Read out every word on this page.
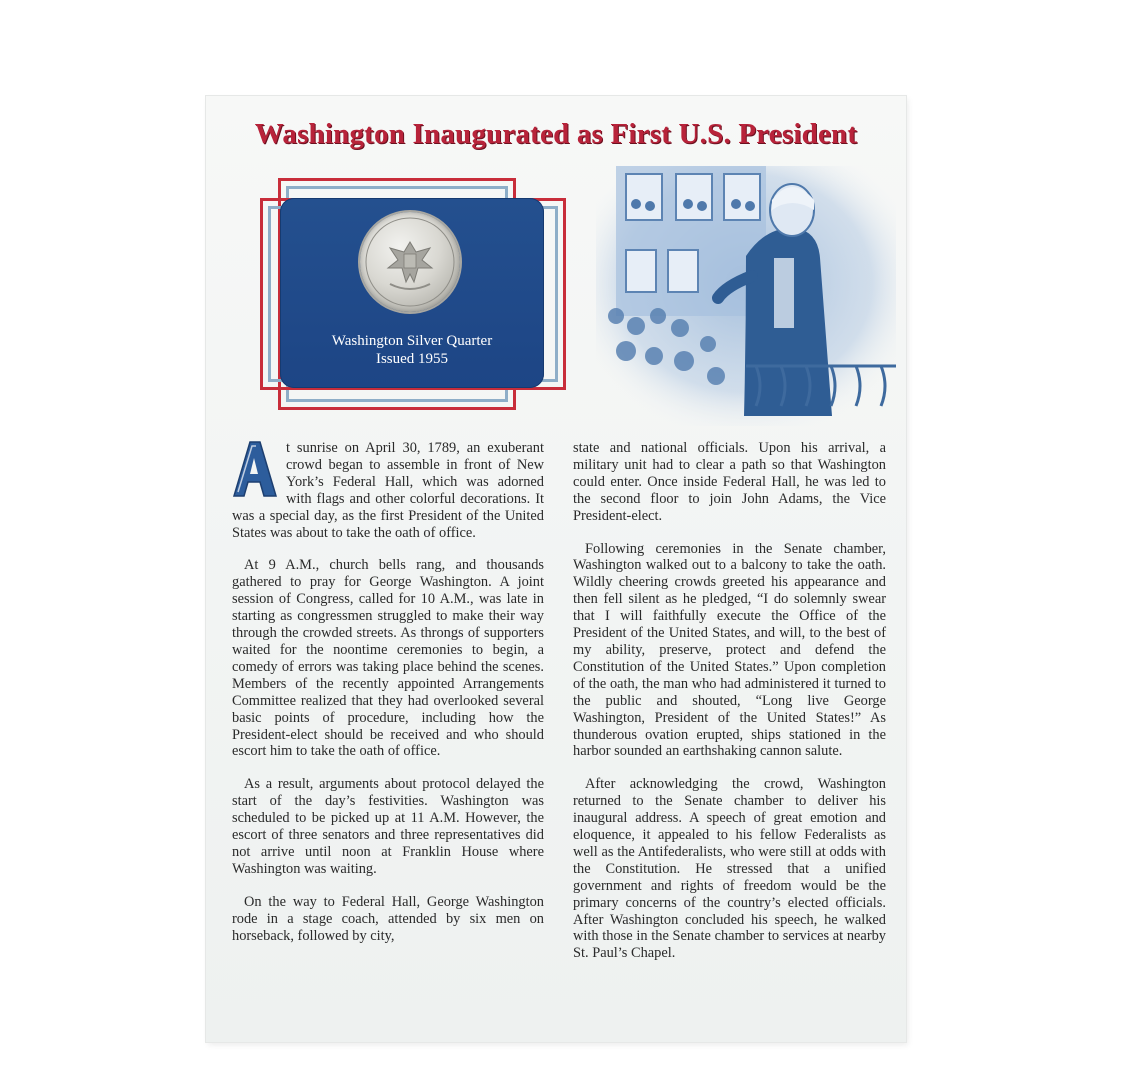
Washington Inaugurated as First U.S. President
Washington Silver Quarter
Issued 1955

A
t sunrise on April 30, 1789, an exuberant crowd began to assemble in front of New York’s Federal Hall, which was adorned with flags and other colorful decorations. It was a special day, as the first President of the United States was about to take the oath of office.

At 9 A.M., church bells rang, and thousands gathered to pray for George Washington. A joint session of Congress, called for 10 A.M., was late in starting as congressmen struggled to make their way through the crowded streets. As throngs of supporters waited for the noontime ceremonies to begin, a comedy of errors was taking place behind the scenes. Members of the recently appointed Arrangements Committee realized that they had overlooked several basic points of procedure, including how the President-elect should be received and who should escort him to take the oath of office.

As a result, arguments about protocol delayed the start of the day’s festivities. Washington was scheduled to be picked up at 11 A.M. However, the escort of three senators and three representatives did not arrive until noon at Franklin House where Washington was waiting.

On the way to Federal Hall, George Washington rode in a stage coach, attended by six men on horseback, followed by city,

state and national officials. Upon his arrival, a military unit had to clear a path so that Washington could enter. Once inside Federal Hall, he was led to the second floor to join John Adams, the Vice President-elect.

Following ceremonies in the Senate chamber, Washington walked out to a balcony to take the oath. Wildly cheering crowds greeted his appearance and then fell silent as he pledged, “I do solemnly swear that I will faithfully execute the Office of the President of the United States, and will, to the best of my ability, preserve, protect and defend the Constitution of the United States.” Upon completion of the oath, the man who had administered it turned to the public and shouted, “Long live George Washington, President of the United States!” As thunderous ovation erupted, ships stationed in the harbor sounded an earthshaking cannon salute.

After acknowledging the crowd, Washington returned to the Senate chamber to deliver his inaugural address. A speech of great emotion and eloquence, it appealed to his fellow Federalists as well as the Antifederalists, who were still at odds with the Constitution. He stressed that a unified government and rights of freedom would be the primary concerns of the country’s elected officials. After Washington concluded his speech, he walked with those in the Senate chamber to services at nearby St. Paul’s Chapel.
